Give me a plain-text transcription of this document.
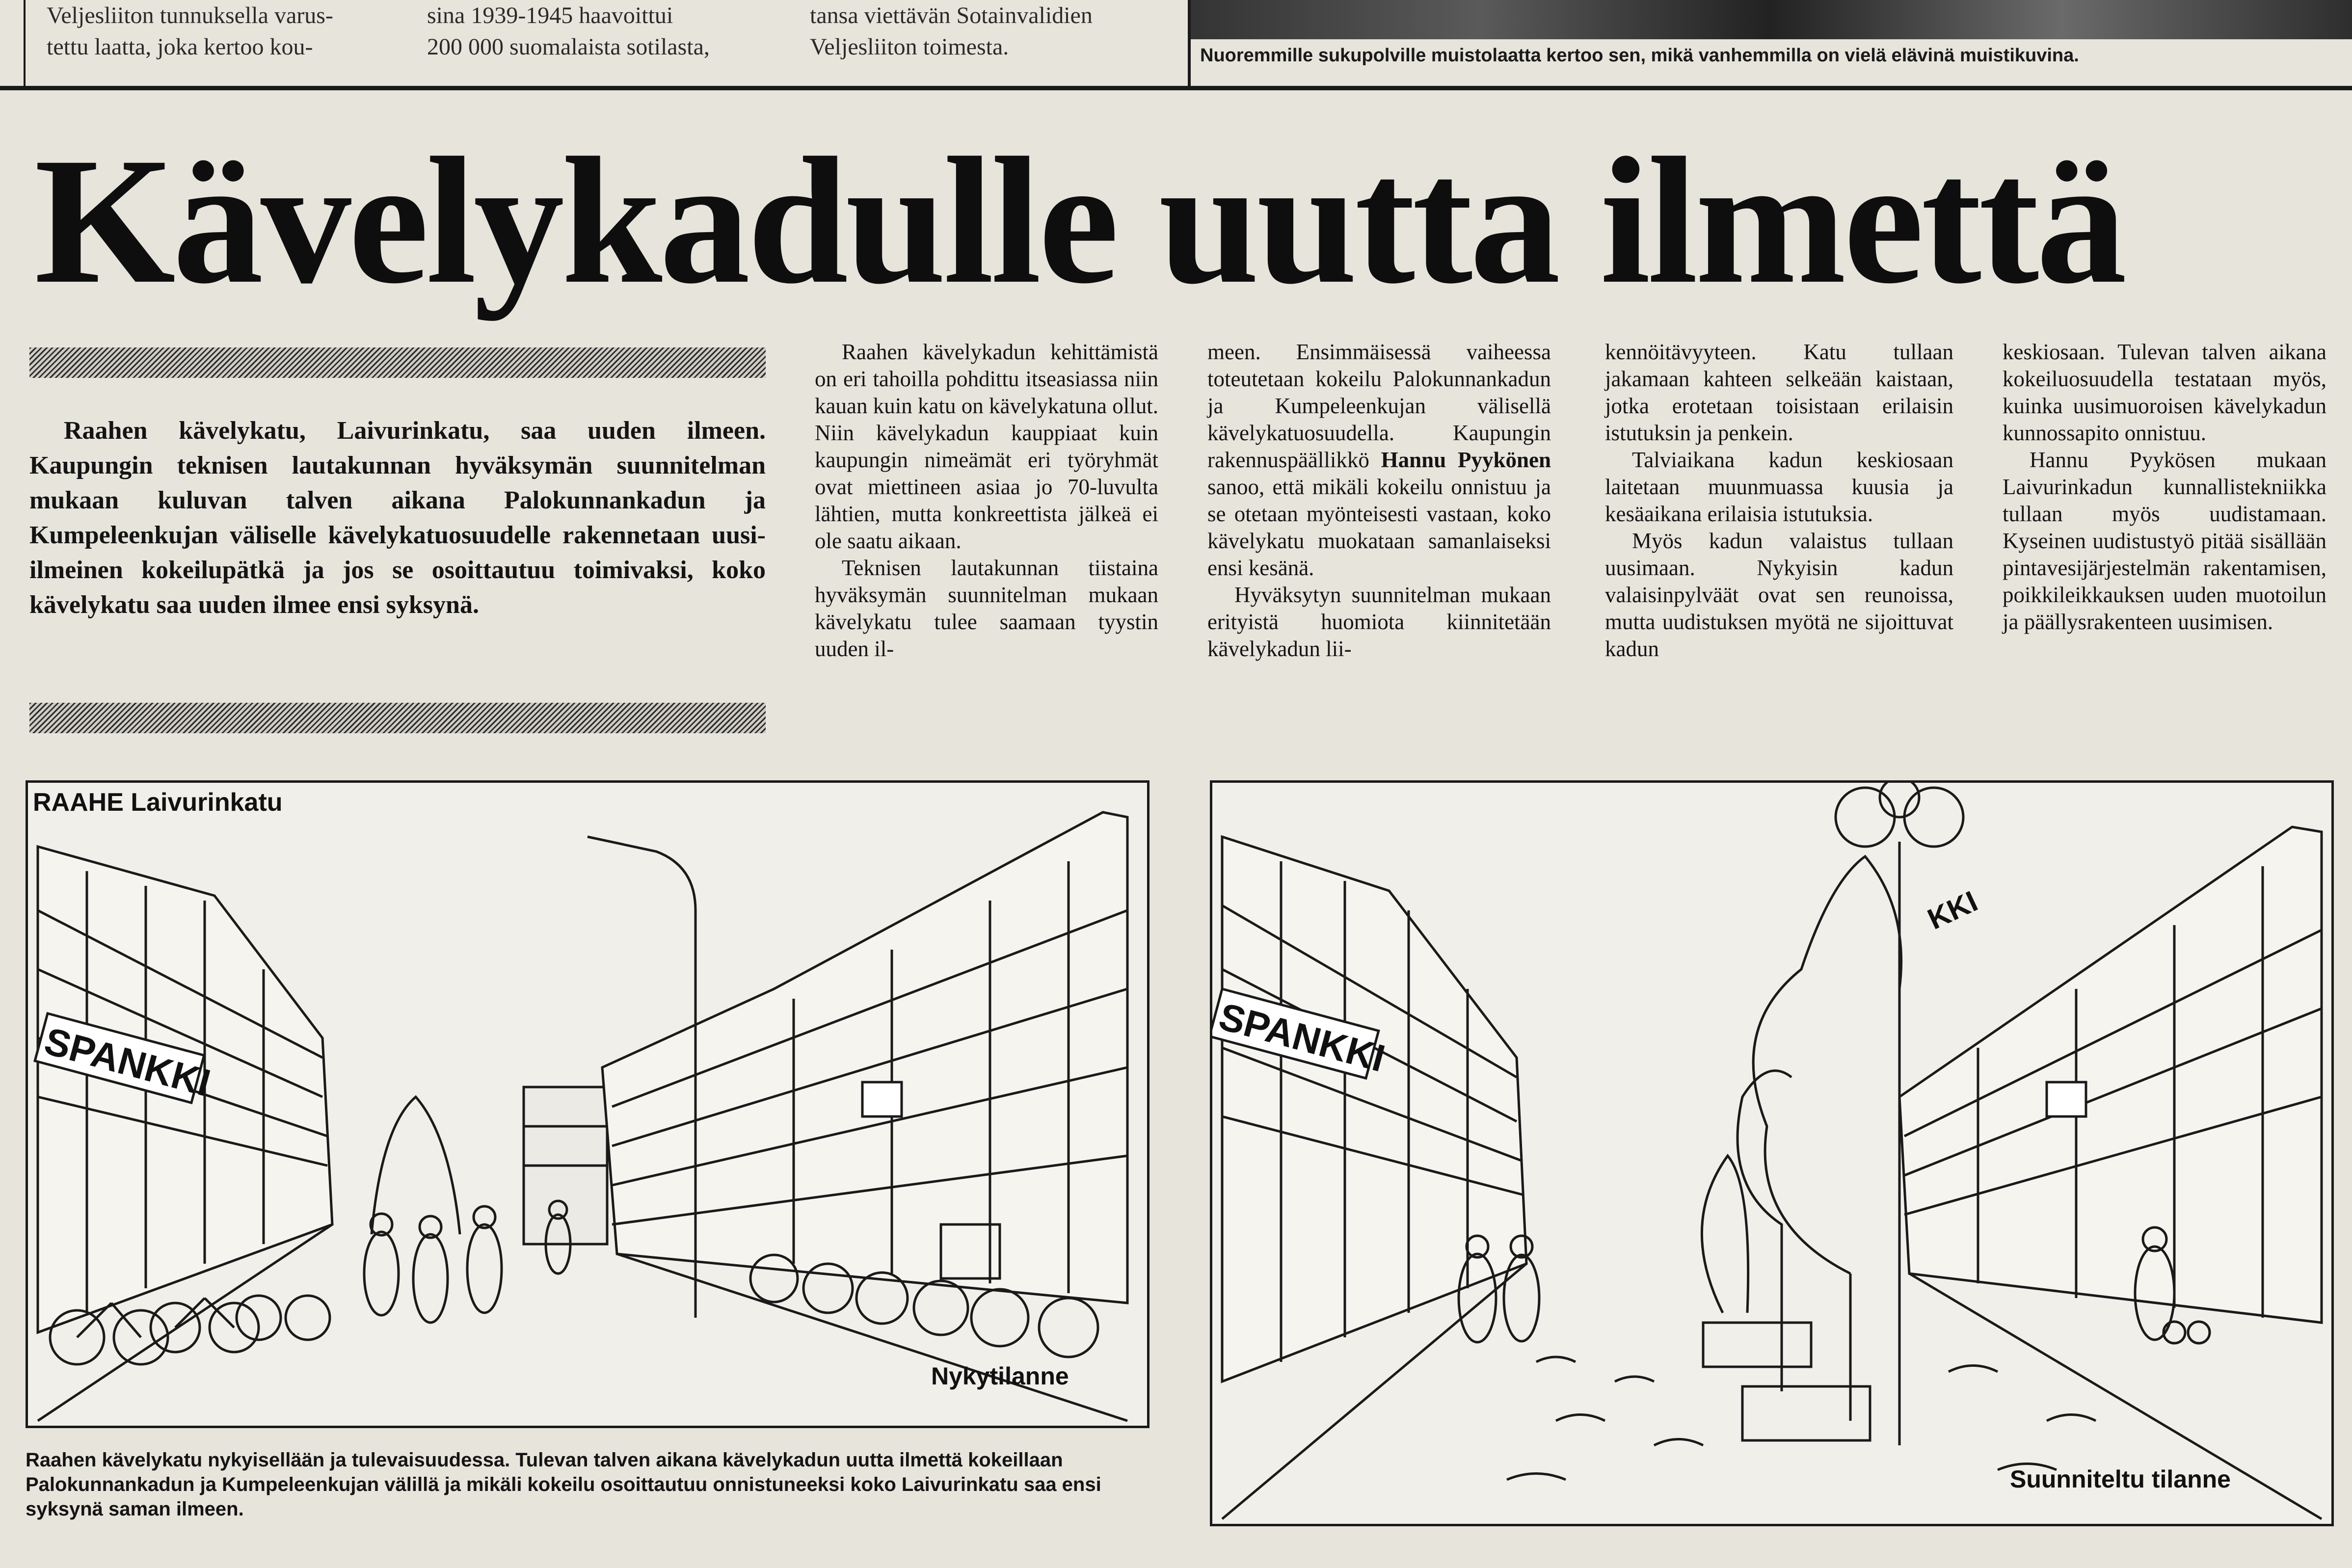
Veljesliiton tunnuksella varus-

tettu laatta, joka kertoo kou-

sina 1939-1945 haavoittui

200 000 suomalaista sotilasta,

tansa viettävän Sotainvalidien

Veljesliiton toimesta.	Nuoremmille sukupolville muistolaatta kertoo sen, mikä vanhemmilla on vielä elävinä muistikuvina.
Kävelykadulle uutta ilmettä
Raahen kävelykatu, Laivurinkatu, saa uuden ilmeen. Kaupungin teknisen lautakunnan hyväksymän suunnitelman mukaan kuluvan talven aikana Palokunnankadun ja Kumpeleenkujan väliselle kävelykatuosuudelle rakennetaan uusi-ilmeinen kokeilupätkä ja jos se osoittautuu toimivaksi, koko kävelykatu saa uuden ilmee ensi syksynä.

Raahen kävelykadun kehittämistä on eri tahoilla pohdittu itseasiassa niin kauan kuin katu on kävelykatuna ollut. Niin kävelykadun kauppiaat kuin kaupungin nimeämät eri työryhmät ovat miettineen asiaa jo 70-luvulta lähtien, mutta konkreettista jälkeä ei ole saatu aikaan.

Teknisen lautakunnan tiistaina hyväksymän suunnitelman mukaan kävelykatu tulee saamaan tyystin uuden il-

meen. Ensimmäisessä vaiheessa toteutetaan kokeilu Palokunnankadun ja Kumpeleenkujan välisellä kävelykatuosuudella. Kaupungin rakennuspäällikkö Hannu Pyykönen sanoo, että mikäli kokeilu onnistuu ja se otetaan myönteisesti vastaan, koko kävelykatu muokataan samanlaiseksi ensi kesänä.

Hyväksytyn suunnitelman mukaan erityistä huomiota kiinnitetään kävelykadun lii-

kennöitävyyteen. Katu tullaan jakamaan kahteen selkeään kaistaan, jotka erotetaan toisistaan erilaisin istutuksin ja penkein.

Talviaikana kadun keskiosaan laitetaan muunmuassa kuusia ja kesäaikana erilaisia istutuksia.

Myös kadun valaistus tullaan uusimaan. Nykyisin kadun valaisinpylväät ovat sen reunoissa, mutta uudistuksen myötä ne sijoittuvat kadun

keskiosaan. Tulevan talven aikana kokeiluosuudella testataan myös, kuinka uusimuoroisen kävelykadun kunnossapito onnistuu.

Hannu Pyykösen mukaan Laivurinkadun kunnallistekniikka tullaan myös uudistamaan. Kyseinen uudistustyö pitää sisällään pintavesijärjestelmän rakentamisen, poikkileikkauksen uuden muotoilun ja päällysrakenteen uusimisen.

SPANKKI
RAAHE Laivurinkatu
Nykytilanne
SPANKKI
KKI
Suunniteltu tilanne
Raahen kävelykatu nykyisellään ja tulevaisuudessa. Tulevan talven aikana kävelykadun uutta ilmettä kokeillaan Palokunnankadun ja Kumpeleenkujan välillä ja mikäli kokeilu osoittautuu onnistuneeksi koko Laivurinkatu saa ensi syksynä saman ilmeen.
